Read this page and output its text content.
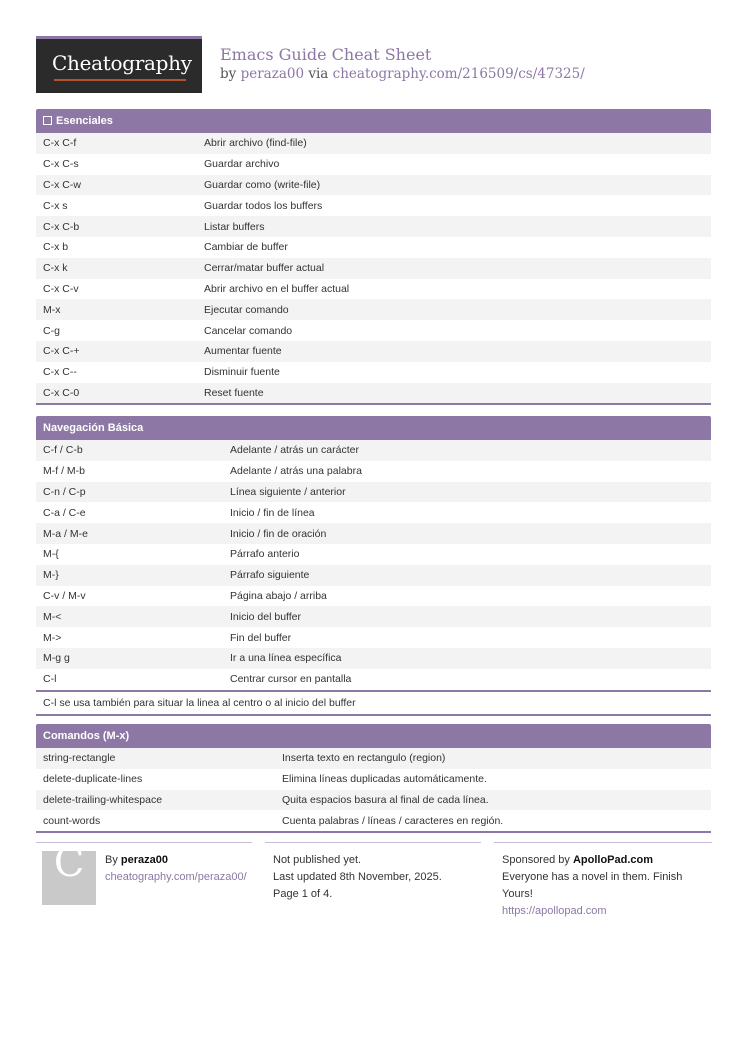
Cheatography Emacs Guide Cheat Sheet
by peraza00 via cheatography.com/216509/cs/47325/
Esenciales
C-x C-f	Abrir archivo (find-file)
C-x C-s	Guardar archivo
C-x C-w	Guardar como (write-file)
C-x s	Guardar todos los buffers
C-x C-b	Listar buffers
C-x b	Cambiar de buffer
C-x k	Cerrar/matar buffer actual
C-x C-v	Abrir archivo en el buffer actual
M-x	Ejecutar comando
C-g	Cancelar comando
C-x C-+	Aumentar fuente
C-x C--	Disminuir fuente
C-x C-0	Reset fuente
Navegación Básica
C-f / C-b	Adelante / atrás un carácter
M-f / M-b	Adelante / atrás una palabra
C-n / C-p	Línea siguiente / anterior
C-a / C-e	Inicio / fin de línea
M-a / M-e	Inicio / fin de oración
M-{	Párrafo anterio
M-}	Párrafo siguiente
C-v / M-v	Página abajo / arriba
M-<	Inicio del buffer
M->	Fin del buffer
M-g g	Ir a una línea específica
C-l	Centrar cursor en pantalla
C-l se usa también para situar la linea al centro o al inicio del buffer
Comandos (M-x)
string-rectangle	Inserta texto en rectangulo (region)
delete-duplicate-lines	Elimina líneas duplicadas automáticamente.
delete-trailing-whitespace	Quita espacios basura al final de cada línea.
count-words	Cuenta palabras / líneas / caracteres en región.
C	By peraza00
cheatography.com/peraza00/
Not published yet.
Last updated 8th November, 2025.
Page 1 of 4.
Sponsored by ApolloPad.com
Everyone has a novel in them. Finish Yours!
https://apollopad.com
